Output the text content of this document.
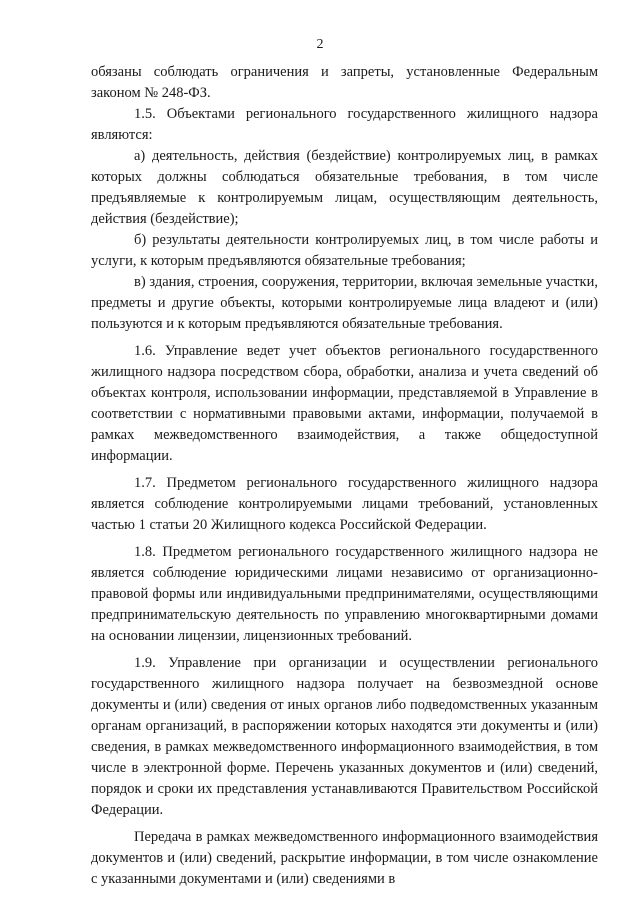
2

обязаны соблюдать ограничения и запреты, установленные Федеральным законом № 248-ФЗ.

1.5. Объектами регионального государственного жилищного надзора являются:

а) деятельность, действия (бездействие) контролируемых лиц, в рамках которых должны соблюдаться обязательные требования, в том числе предъявляемые к контролируемым лицам, осуществляющим деятельность, действия (бездействие);

б) результаты деятельности контролируемых лиц, в том числе работы и услуги, к которым предъявляются обязательные требования;

в) здания, строения, сооружения, территории, включая земельные участки, предметы и другие объекты, которыми контролируемые лица владеют и (или) пользуются и к которым предъявляются обязательные требования.

1.6. Управление ведет учет объектов регионального государственного жилищного надзора посредством сбора, обработки, анализа и учета сведений об объектах контроля, использовании информации, представляемой в Управление в соответствии с нормативными правовыми актами, информации, получаемой в рамках межведомственного взаимодействия, а также общедоступной информации.

1.7. Предметом регионального государственного жилищного надзора является соблюдение контролируемыми лицами требований, установленных частью 1 статьи 20 Жилищного кодекса Российской Федерации.

1.8. Предметом регионального государственного жилищного надзора не является соблюдение юридическими лицами независимо от организационно-правовой формы или индивидуальными предпринимателями, осуществляющими предпринимательскую деятельность по управлению многоквартирными домами на основании лицензии, лицензионных требований.

1.9. Управление при организации и осуществлении регионального государственного жилищного надзора получает на безвозмездной основе документы и (или) сведения от иных органов либо подведомственных указанным органам организаций, в распоряжении которых находятся эти документы и (или) сведения, в рамках межведомственного информационного взаимодействия, в том числе в электронной форме. Перечень указанных документов и (или) сведений, порядок и сроки их представления устанавливаются Правительством Российской Федерации.

Передача в рамках межведомственного информационного взаимодействия документов и (или) сведений, раскрытие информации, в том числе ознакомление с указанными документами и (или) сведениями в
